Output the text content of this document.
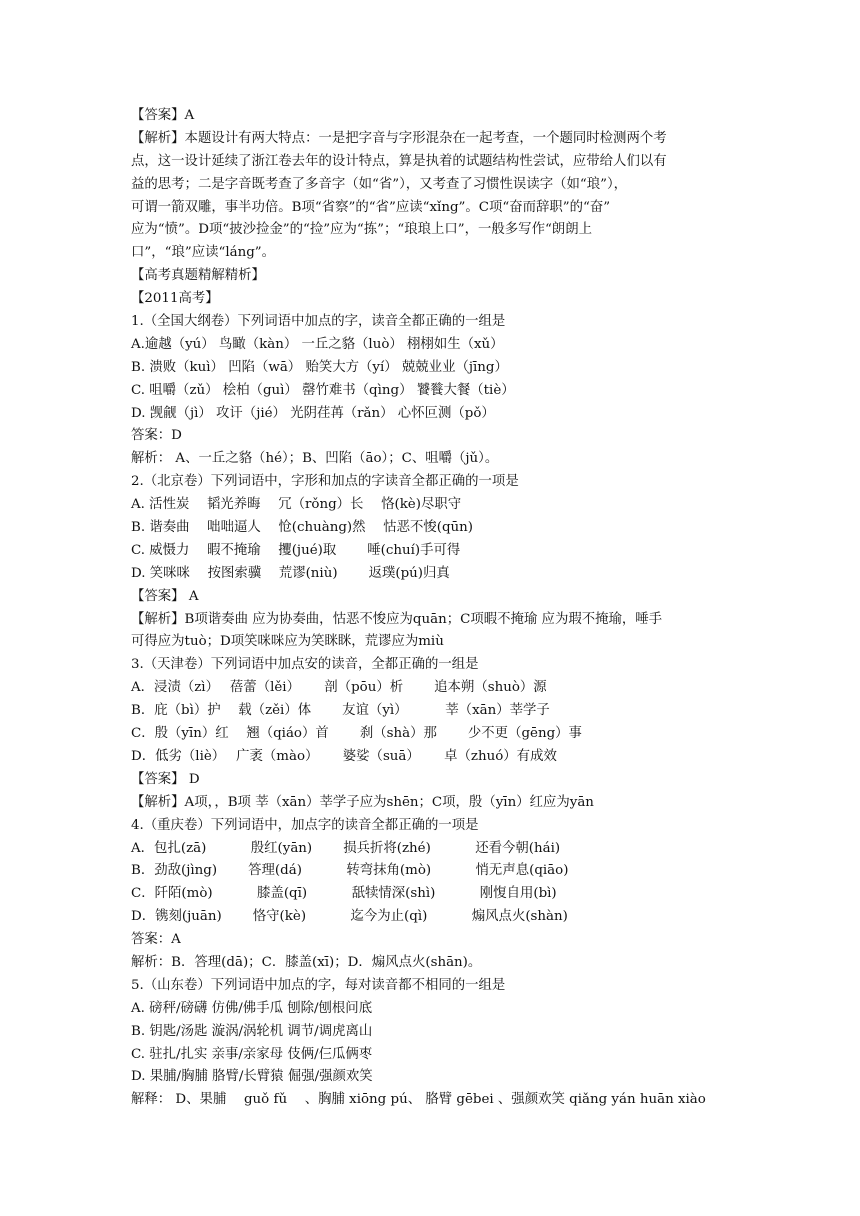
【答案】A
【解析】本题设计有两大特点：一是把字音与字形混杂在一起考查，一个题同时检测两个考
点，这一设计延续了浙江卷去年的设计特点，算是执着的试题结构性尝试，应带给人们以有
益的思考；二是字音既考查了多音字（如“省”），又考查了习惯性误读字（如“琅”），
可谓一箭双雕，事半功倍。B项“省察”的“省”应读“xǐng”。C项“奋而辞职”的“奋”
应为“愤”。D项“披沙捡金”的“捡”应为“拣”；“琅琅上口”，一般多写作“朗朗上
口”，“琅”应读“láng”。
【高考真题精解精析】
【2011高考】
1.（全国大纲卷）下列词语中加点的字，读音全都正确的一组是
A.逾越（yú） 鸟瞰（kàn） 一丘之貉（luò） 栩栩如生（xǔ）
B. 溃败（kuì） 凹陷（wā） 贻笑大方（yí） 兢兢业业（jīng）
C. 咀嚼（zǔ） 桧柏（guì） 罄竹难书（qìng） 饕餮大餐（tiè）
D. 觊觎（jì） 攻讦（jié） 光阴荏苒（rǎn） 心怀叵测（pǒ）
答案：D
解析： A、一丘之貉（hé）；B、凹陷（āo）；C、咀嚼（jǔ）。
2.（北京卷）下列词语中，字形和加点的字读音全都正确的一项是
A. 活性炭　 韬光养晦　 冗（rǒng）长　 恪(kè)尽职守
B. 谐奏曲　 咄咄逼人　 怆(chuàng)然　 怙恶不悛(qūn)
C. 威慑力　 暇不掩瑜　 攫(jué)取　　 唾(chuí)手可得
D. 笑咪咪　 按图索骥　 荒谬(niù)　　 返璞(pú)归真
【答案】 A
【解析】B项谐奏曲 应为协奏曲，怙恶不悛应为quān；C项暇不掩瑜 应为瑕不掩瑜，唾手
可得应为tuò；D项笑咪咪应为笑眯眯，荒谬应为miù
3.（天津卷）下列词语中加点安的读音，全都正确的一组是
A．浸渍（zì）　 蓓蕾（lěi）　　 剖（pōu）析　　 追本朔（shuò）源
B．庇（bì）护　 载（zěi）体　　 友谊（yì）　　　 莘（xān）莘学子
C．殷（yīn）红　 翘（qiáo）首　　 刹（shà）那　　 少不更（gēng）事
D．低劣（liè）　 广袤（mào）　　 婆娑（suā）　　 卓（zhuó）有成效
【答案】 D
【解析】A项，，B项 莘（xān）莘学子应为shēn；C项，殷（yīn）红应为yān
4.（重庆卷）下列词语中，加点字的读音全都正确的一项是
A．包扎(zā)　　　 殷红(yān)　　 损兵折将(zhé)　　　 还看今朝(hái)
B．劲敌(jìng)　　 答理(dá)　　　 转弯抹角(mò)　　　 悄无声息(qiāo)
C．阡陌(mò)　　　 膝盖(qī)　　　 舐犊情深(shì)　　　 刚愎自用(bì)
D．镌刻(juān)　　 恪守(kè)　　　 迄今为止(qì)　　　 煽风点火(shàn)
答案：A
解析：B．答理(dā)；C．膝盖(xī)；D．煽风点火(shān)。
5.（山东卷）下列词语中加点的字，每对读音都不相同的一组是
A. 磅秤/磅礴 仿佛/佛手瓜 刨除/刨根问底
B. 钥匙/汤匙 漩涡/涡轮机 调节/调虎离山
C. 驻扎/扎实 亲事/亲家母 伎俩/仨瓜俩枣
D. 果脯/胸脯 胳臂/长臂猿 倔强/强颜欢笑
解释： D、果脯　 guǒ fǔ　 、胸脯 xiōng pú、 胳臂 gēbei 、强颜欢笑 qiǎng yán huān xiào
